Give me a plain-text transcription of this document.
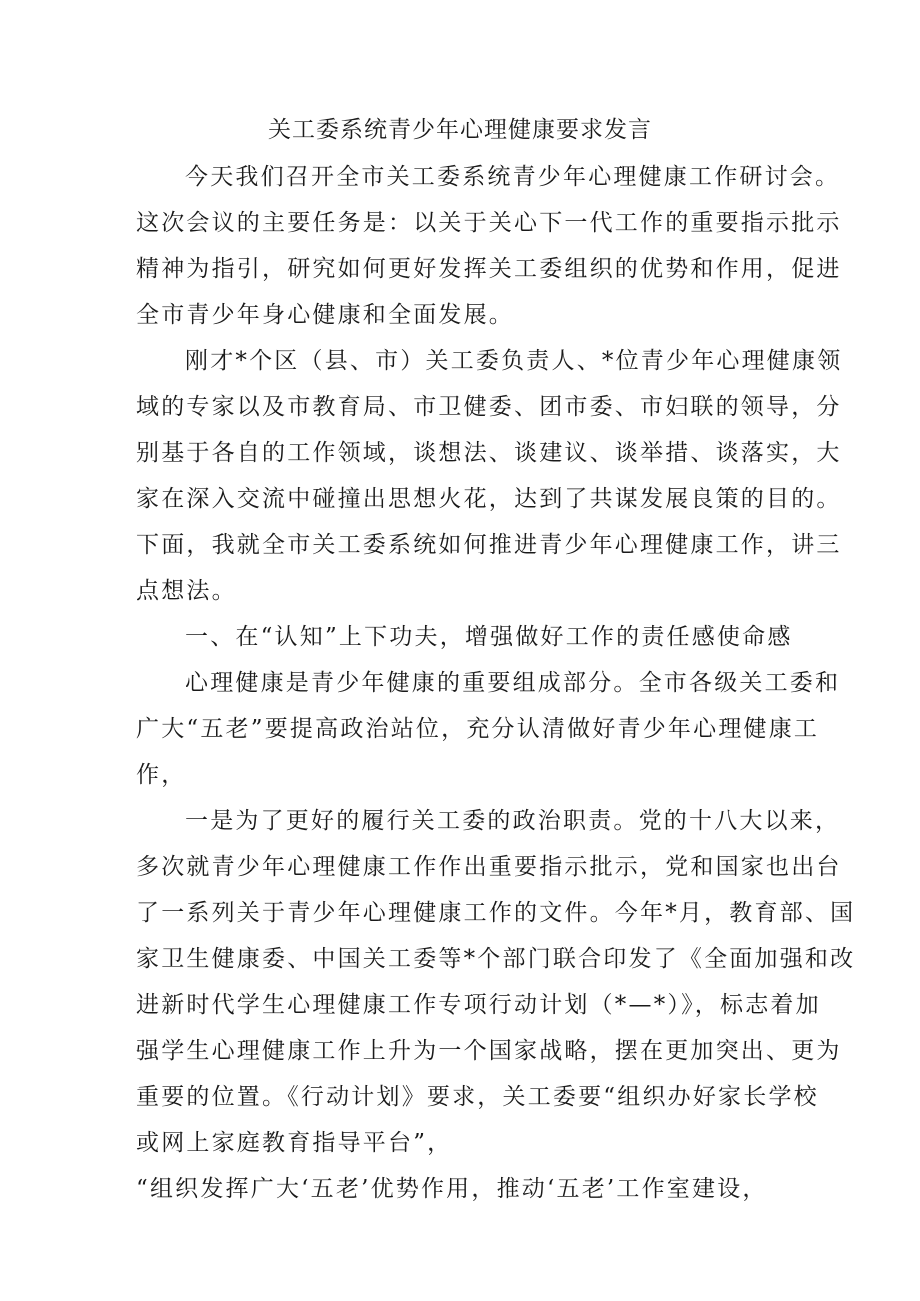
关工委系统青少年心理健康要求发言
今天我们召开全市关工委系统青少年心理健康工作研讨会。
这次会议的主要任务是：以关于关心下一代工作的重要指示批示
精神为指引，研究如何更好发挥关工委组织的优势和作用，促进
全市青少年身心健康和全面发展。
刚才*个区（县、市）关工委负责人、*位青少年心理健康领
域的专家以及市教育局、市卫健委、团市委、市妇联的领导，分
别基于各自的工作领域，谈想法、谈建议、谈举措、谈落实，大
家在深入交流中碰撞出思想火花，达到了共谋发展良策的目的。
下面，我就全市关工委系统如何推进青少年心理健康工作，讲三
点想法。
一、在“认知”上下功夫，增强做好工作的责任感使命感
心理健康是青少年健康的重要组成部分。全市各级关工委和
广大“五老”要提高政治站位，充分认清做好青少年心理健康工
作，
一是为了更好的履行关工委的政治职责。党的十八大以来，
多次就青少年心理健康工作作出重要指示批示，党和国家也出台
了一系列关于青少年心理健康工作的文件。今年*月，教育部、国
家卫生健康委、中国关工委等*个部门联合印发了《全面加强和改
进新时代学生心理健康工作专项行动计划（*—*）》，标志着加
强学生心理健康工作上升为一个国家战略，摆在更加突出、更为
重要的位置。《行动计划》要求，关工委要“组织办好家长学校
或网上家庭教育指导平台”，
“组织发挥广大‘五老’优势作用，推动‘五老’工作室建设，
